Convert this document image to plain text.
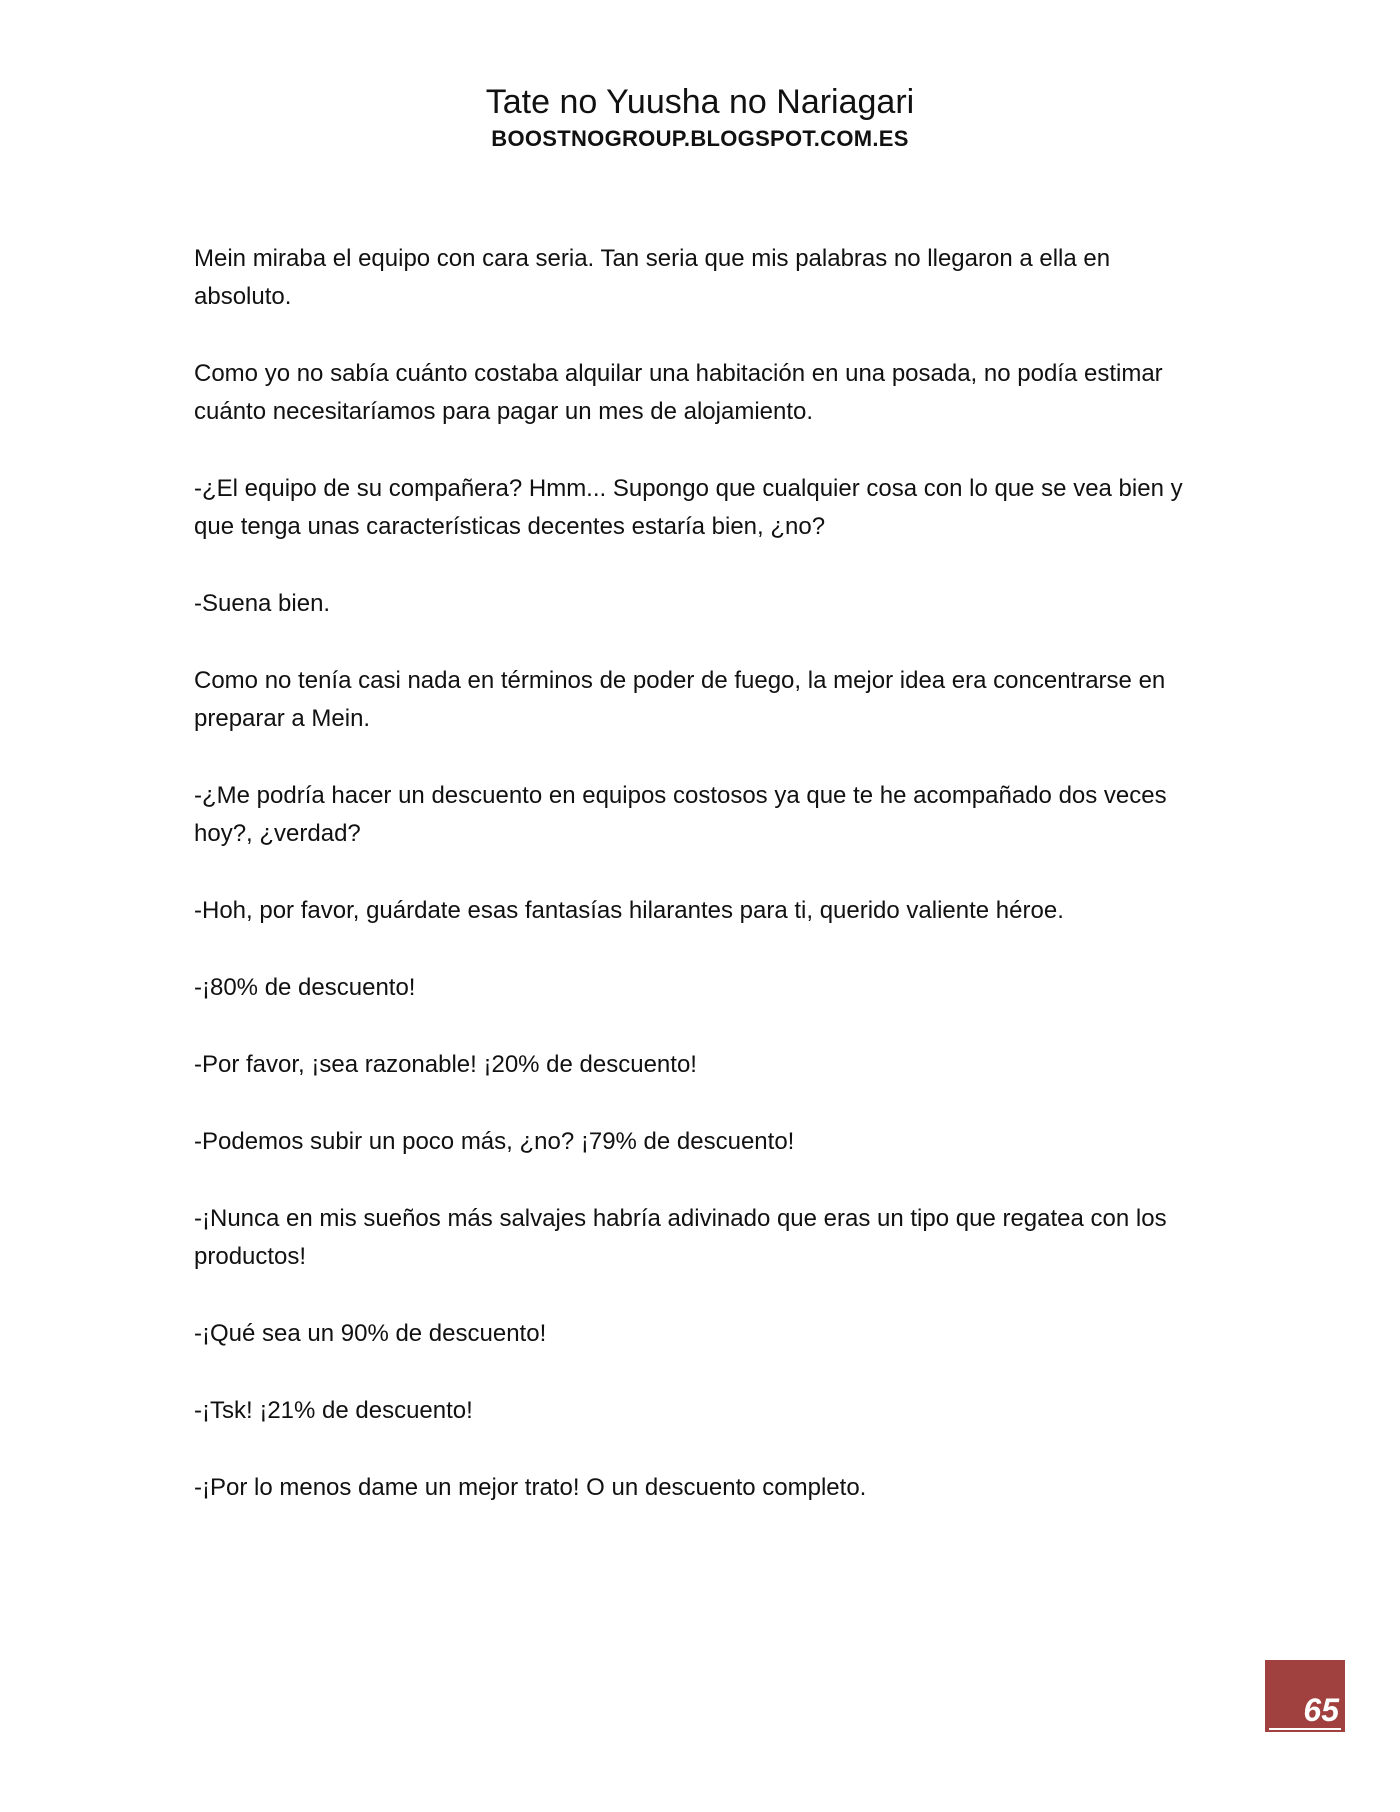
Tate no Yuusha no Nariagari

BOOSTNOGROUP.BLOGSPOT.COM.ES

Mein miraba el equipo con cara seria. Tan seria que mis palabras no llegaron a ella en absoluto.

Como yo no sabía cuánto costaba alquilar una habitación en una posada, no podía estimar cuánto necesitaríamos para pagar un mes de alojamiento.

-¿El equipo de su compañera? Hmm... Supongo que cualquier cosa con lo que se vea bien y que tenga unas características decentes estaría bien, ¿no?

-Suena bien.

Como no tenía casi nada en términos de poder de fuego, la mejor idea era concentrarse en preparar a Mein.

-¿Me podría hacer un descuento en equipos costosos ya que te he acompañado dos veces hoy?, ¿verdad?

-Hoh, por favor, guárdate esas fantasías hilarantes para ti, querido valiente héroe.

-¡80% de descuento!

-Por favor, ¡sea razonable! ¡20% de descuento!

-Podemos subir un poco más, ¿no? ¡79% de descuento!

-¡Nunca en mis sueños más salvajes habría adivinado que eras un tipo que regatea con los productos!

-¡Qué sea un 90% de descuento!

-¡Tsk! ¡21% de descuento!

-¡Por lo menos dame un mejor trato! O un descuento completo.

65
